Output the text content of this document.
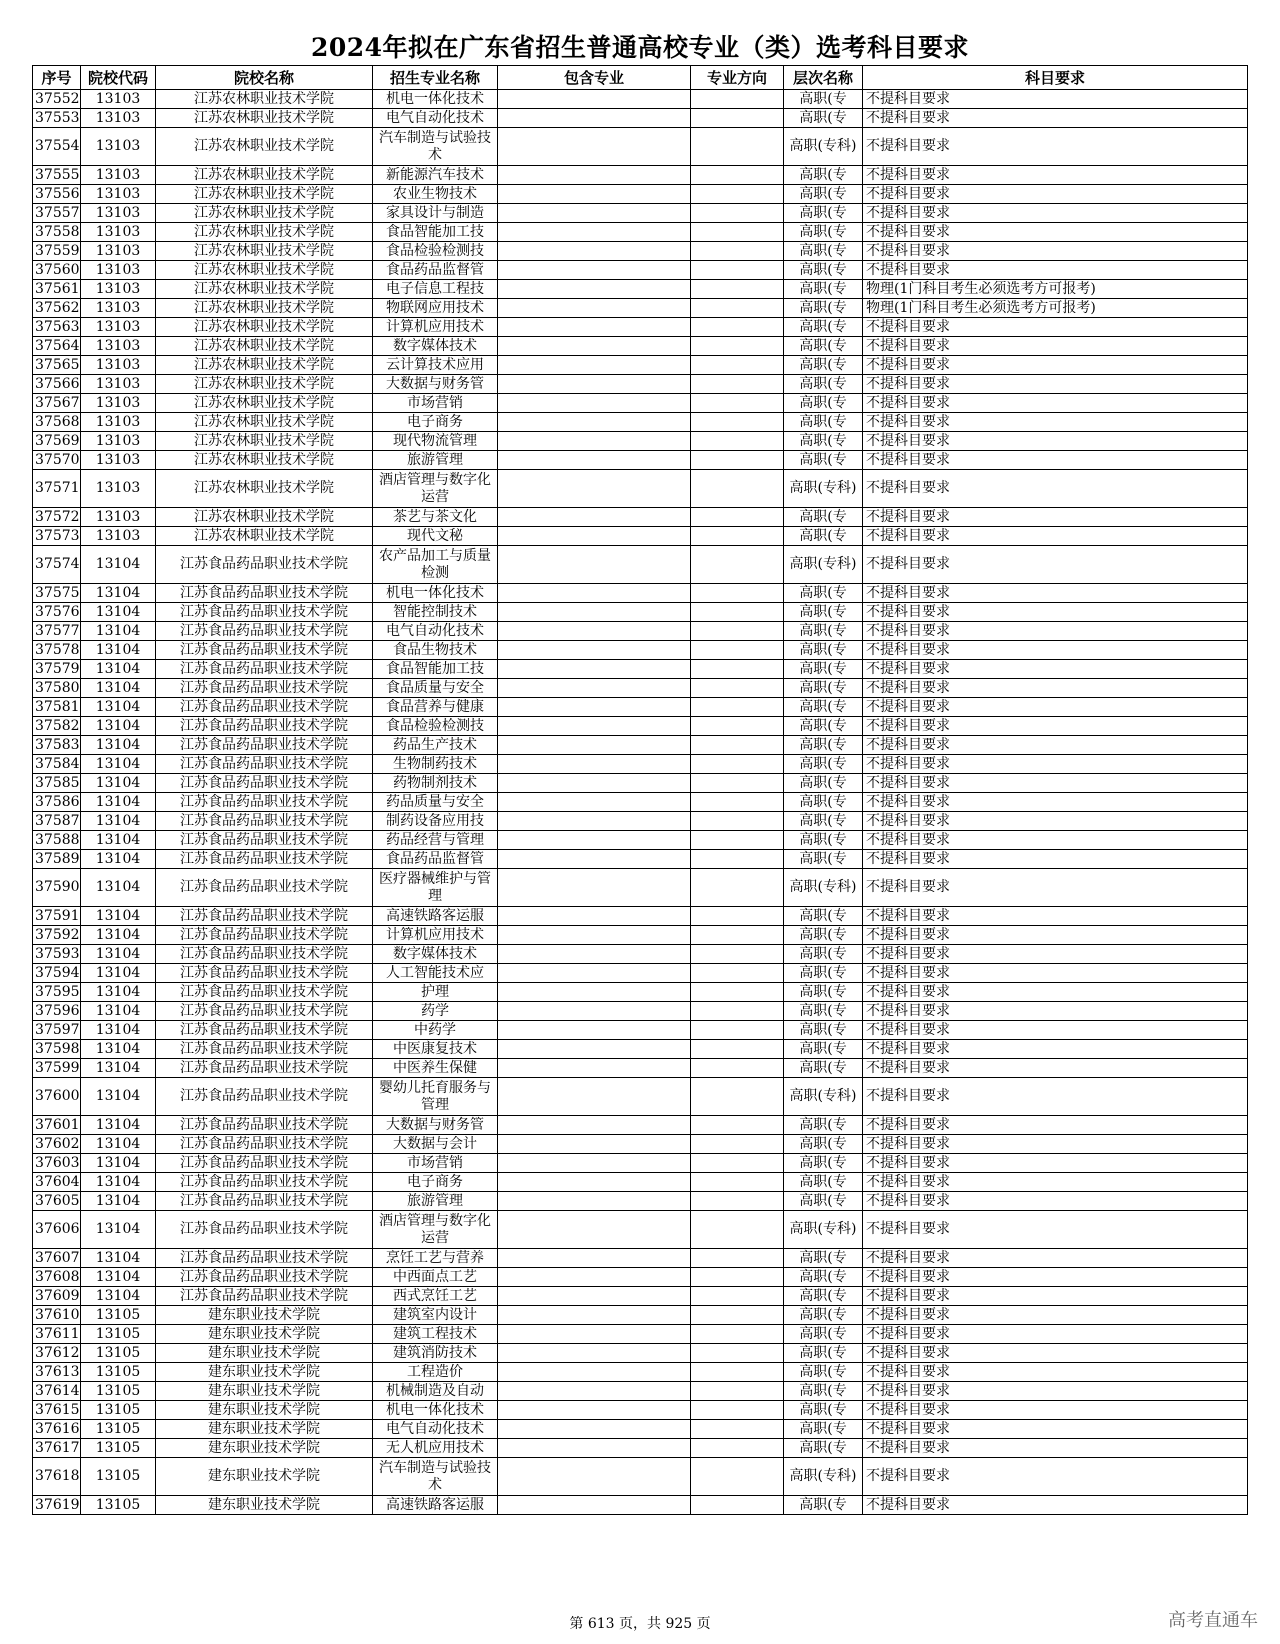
2024年拟在广东省招生普通高校专业（类）选考科目要求
序号	院校代码	院校名称	招生专业名称	包含专业	专业方向	层次名称	科目要求
37552	13103	江苏农林职业技术学院	机电一体化技术			高职(专	不提科目要求
37553	13103	江苏农林职业技术学院	电气自动化技术			高职(专	不提科目要求
37554	13103	江苏农林职业技术学院	汽车制造与试验技术			高职(专科)	不提科目要求
37555	13103	江苏农林职业技术学院	新能源汽车技术			高职(专	不提科目要求
37556	13103	江苏农林职业技术学院	农业生物技术			高职(专	不提科目要求
37557	13103	江苏农林职业技术学院	家具设计与制造			高职(专	不提科目要求
37558	13103	江苏农林职业技术学院	食品智能加工技			高职(专	不提科目要求
37559	13103	江苏农林职业技术学院	食品检验检测技			高职(专	不提科目要求
37560	13103	江苏农林职业技术学院	食品药品监督管			高职(专	不提科目要求
37561	13103	江苏农林职业技术学院	电子信息工程技			高职(专	物理(1门科目考生必须选考方可报考)
37562	13103	江苏农林职业技术学院	物联网应用技术			高职(专	物理(1门科目考生必须选考方可报考)
37563	13103	江苏农林职业技术学院	计算机应用技术			高职(专	不提科目要求
37564	13103	江苏农林职业技术学院	数字媒体技术			高职(专	不提科目要求
37565	13103	江苏农林职业技术学院	云计算技术应用			高职(专	不提科目要求
37566	13103	江苏农林职业技术学院	大数据与财务管			高职(专	不提科目要求
37567	13103	江苏农林职业技术学院	市场营销			高职(专	不提科目要求
37568	13103	江苏农林职业技术学院	电子商务			高职(专	不提科目要求
37569	13103	江苏农林职业技术学院	现代物流管理			高职(专	不提科目要求
37570	13103	江苏农林职业技术学院	旅游管理			高职(专	不提科目要求
37571	13103	江苏农林职业技术学院	酒店管理与数字化运营			高职(专科)	不提科目要求
37572	13103	江苏农林职业技术学院	茶艺与茶文化			高职(专	不提科目要求
37573	13103	江苏农林职业技术学院	现代文秘			高职(专	不提科目要求
37574	13104	江苏食品药品职业技术学院	农产品加工与质量检测			高职(专科)	不提科目要求
37575	13104	江苏食品药品职业技术学院	机电一体化技术			高职(专	不提科目要求
37576	13104	江苏食品药品职业技术学院	智能控制技术			高职(专	不提科目要求
37577	13104	江苏食品药品职业技术学院	电气自动化技术			高职(专	不提科目要求
37578	13104	江苏食品药品职业技术学院	食品生物技术			高职(专	不提科目要求
37579	13104	江苏食品药品职业技术学院	食品智能加工技			高职(专	不提科目要求
37580	13104	江苏食品药品职业技术学院	食品质量与安全			高职(专	不提科目要求
37581	13104	江苏食品药品职业技术学院	食品营养与健康			高职(专	不提科目要求
37582	13104	江苏食品药品职业技术学院	食品检验检测技			高职(专	不提科目要求
37583	13104	江苏食品药品职业技术学院	药品生产技术			高职(专	不提科目要求
37584	13104	江苏食品药品职业技术学院	生物制药技术			高职(专	不提科目要求
37585	13104	江苏食品药品职业技术学院	药物制剂技术			高职(专	不提科目要求
37586	13104	江苏食品药品职业技术学院	药品质量与安全			高职(专	不提科目要求
37587	13104	江苏食品药品职业技术学院	制药设备应用技			高职(专	不提科目要求
37588	13104	江苏食品药品职业技术学院	药品经营与管理			高职(专	不提科目要求
37589	13104	江苏食品药品职业技术学院	食品药品监督管			高职(专	不提科目要求
37590	13104	江苏食品药品职业技术学院	医疗器械维护与管理			高职(专科)	不提科目要求
37591	13104	江苏食品药品职业技术学院	高速铁路客运服			高职(专	不提科目要求
37592	13104	江苏食品药品职业技术学院	计算机应用技术			高职(专	不提科目要求
37593	13104	江苏食品药品职业技术学院	数字媒体技术			高职(专	不提科目要求
37594	13104	江苏食品药品职业技术学院	人工智能技术应			高职(专	不提科目要求
37595	13104	江苏食品药品职业技术学院	护理			高职(专	不提科目要求
37596	13104	江苏食品药品职业技术学院	药学			高职(专	不提科目要求
37597	13104	江苏食品药品职业技术学院	中药学			高职(专	不提科目要求
37598	13104	江苏食品药品职业技术学院	中医康复技术			高职(专	不提科目要求
37599	13104	江苏食品药品职业技术学院	中医养生保健			高职(专	不提科目要求
37600	13104	江苏食品药品职业技术学院	婴幼儿托育服务与管理			高职(专科)	不提科目要求
37601	13104	江苏食品药品职业技术学院	大数据与财务管			高职(专	不提科目要求
37602	13104	江苏食品药品职业技术学院	大数据与会计			高职(专	不提科目要求
37603	13104	江苏食品药品职业技术学院	市场营销			高职(专	不提科目要求
37604	13104	江苏食品药品职业技术学院	电子商务			高职(专	不提科目要求
37605	13104	江苏食品药品职业技术学院	旅游管理			高职(专	不提科目要求
37606	13104	江苏食品药品职业技术学院	酒店管理与数字化运营			高职(专科)	不提科目要求
37607	13104	江苏食品药品职业技术学院	烹饪工艺与营养			高职(专	不提科目要求
37608	13104	江苏食品药品职业技术学院	中西面点工艺			高职(专	不提科目要求
37609	13104	江苏食品药品职业技术学院	西式烹饪工艺			高职(专	不提科目要求
37610	13105	建东职业技术学院	建筑室内设计			高职(专	不提科目要求
37611	13105	建东职业技术学院	建筑工程技术			高职(专	不提科目要求
37612	13105	建东职业技术学院	建筑消防技术			高职(专	不提科目要求
37613	13105	建东职业技术学院	工程造价			高职(专	不提科目要求
37614	13105	建东职业技术学院	机械制造及自动			高职(专	不提科目要求
37615	13105	建东职业技术学院	机电一体化技术			高职(专	不提科目要求
37616	13105	建东职业技术学院	电气自动化技术			高职(专	不提科目要求
37617	13105	建东职业技术学院	无人机应用技术			高职(专	不提科目要求
37618	13105	建东职业技术学院	汽车制造与试验技术			高职(专科)	不提科目要求
37619	13105	建东职业技术学院	高速铁路客运服			高职(专	不提科目要求
第 613 页，共 925 页	高考直通车
